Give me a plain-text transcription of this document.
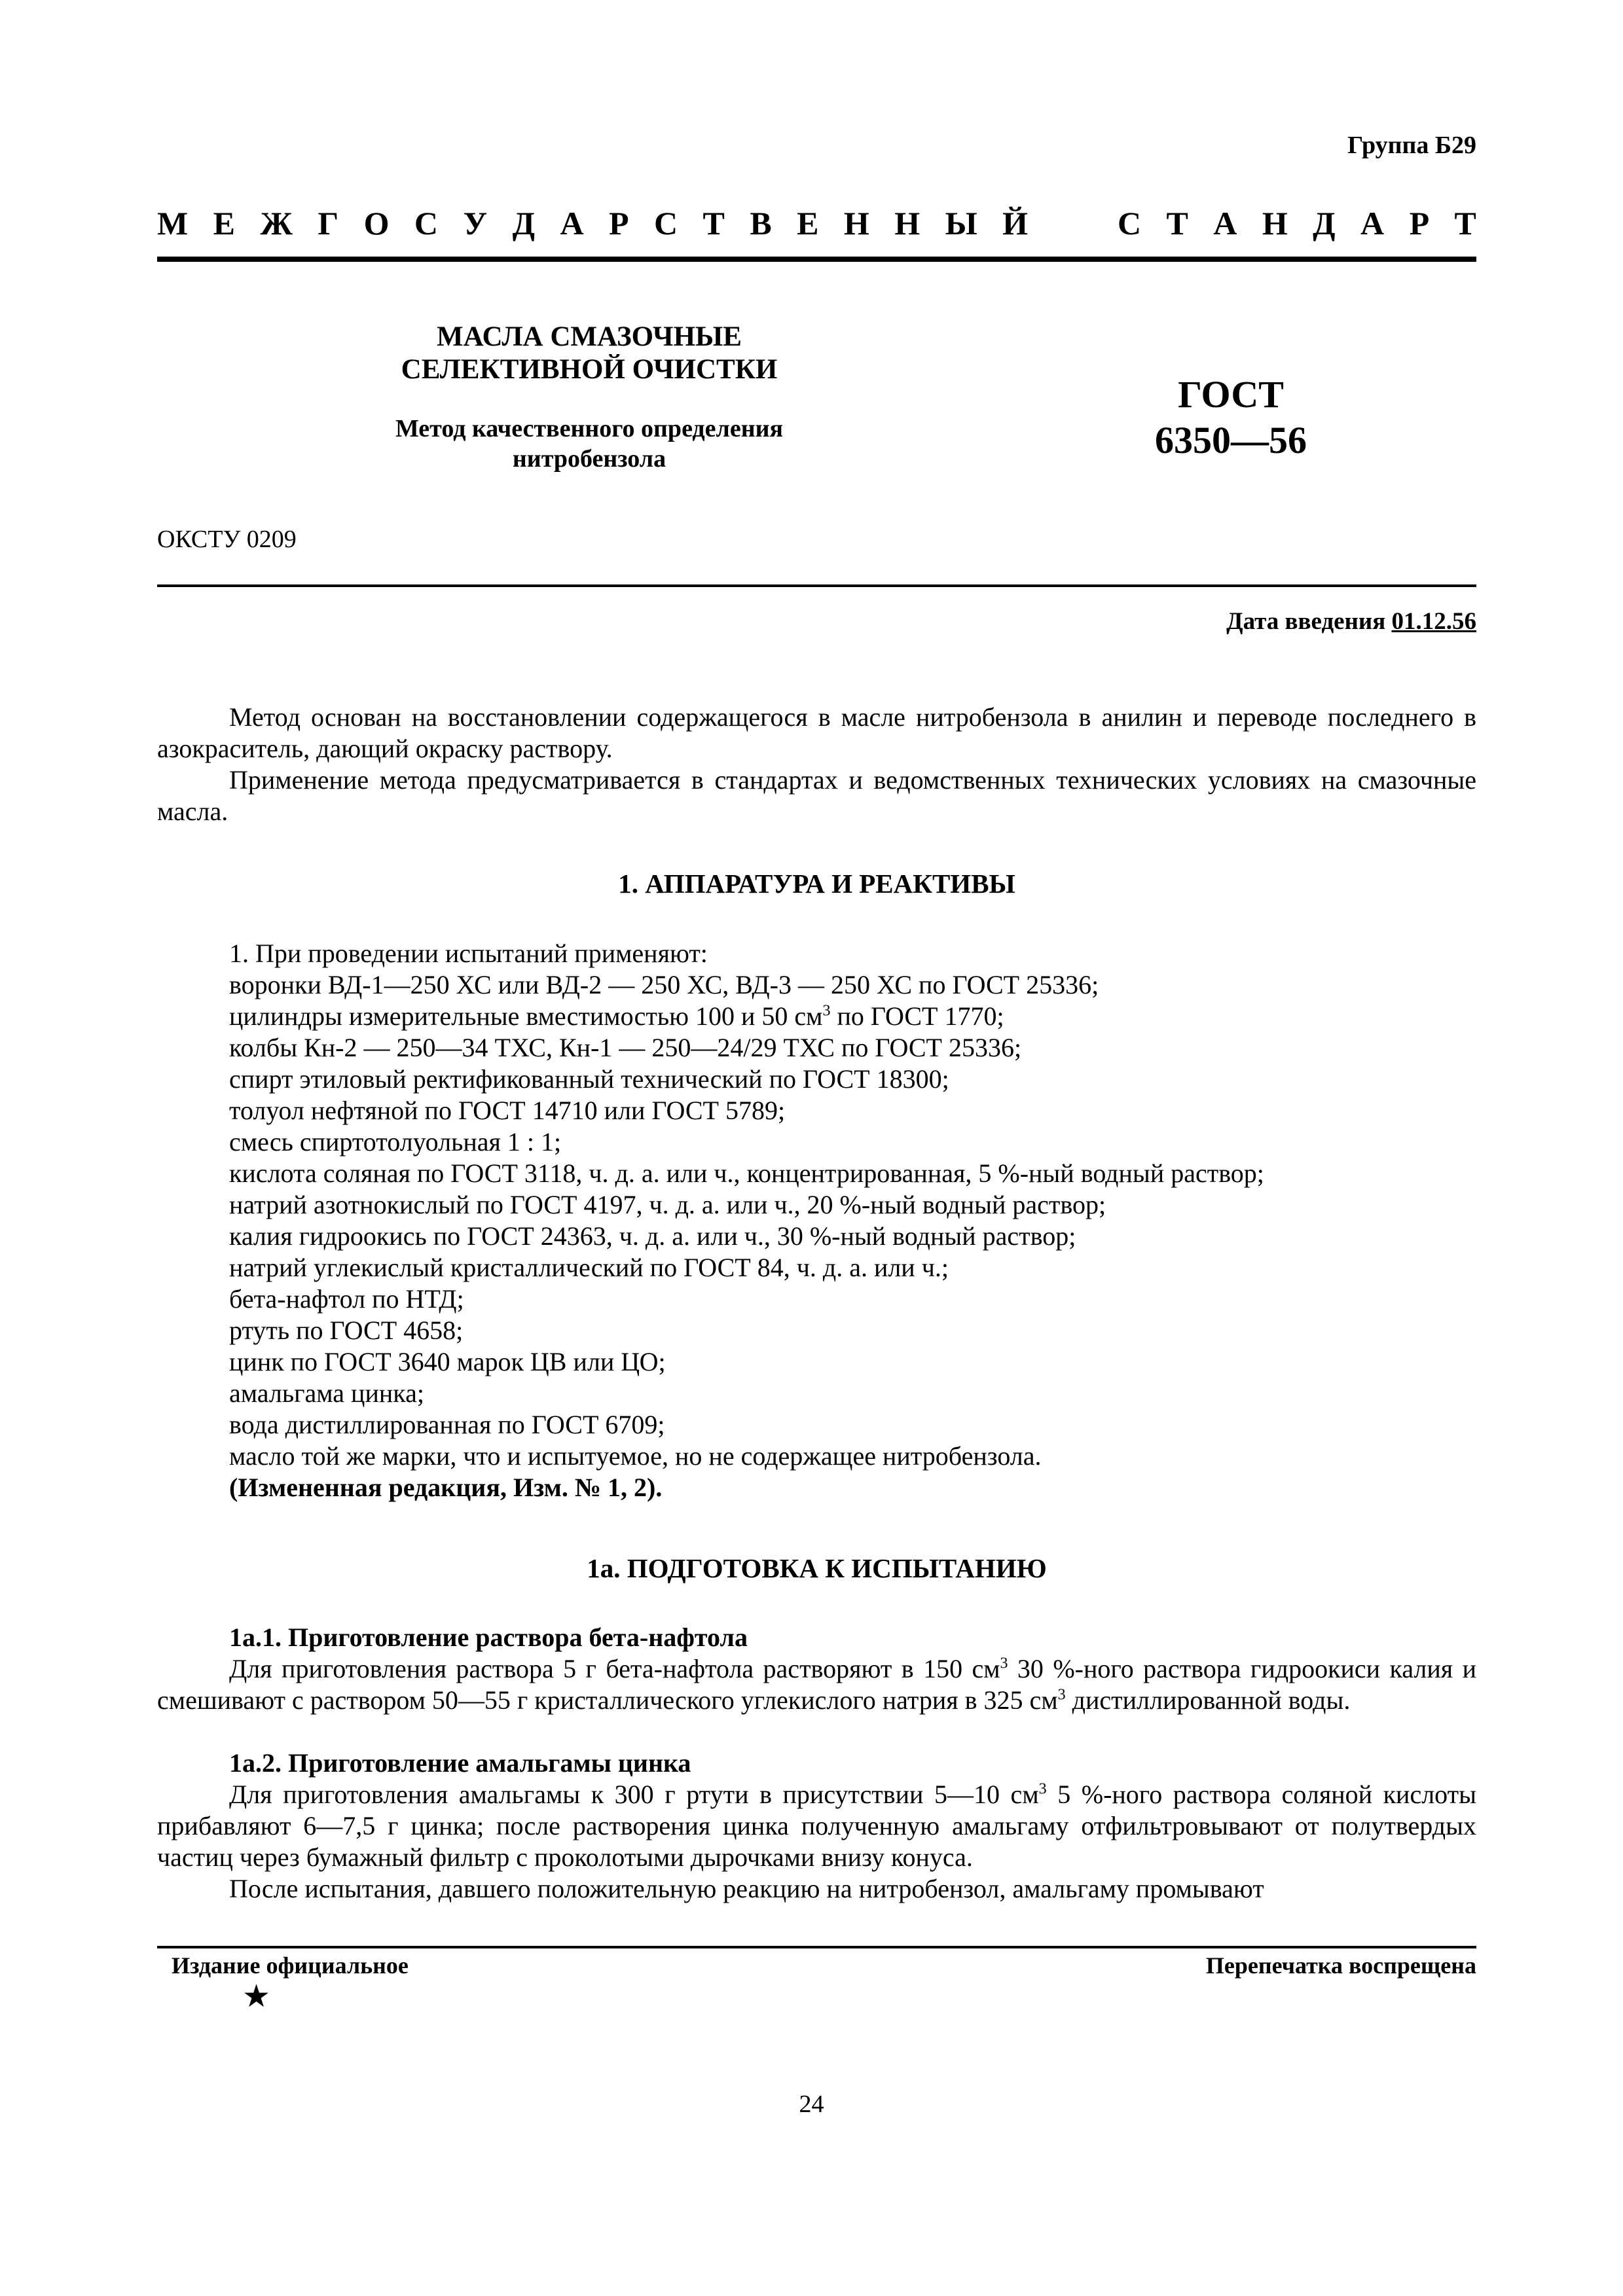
Группа Б29
М Е Ж Г О С У Д А Р С Т В Е Н Н Ы Й	С Т А Н Д А Р Т
МАСЛА СМАЗОЧНЫЕ
СЕЛЕКТИВНОЙ ОЧИСТКИ
Метод качественного определения
нитробензола
ГОСТ
6350—56
ОКСТУ 0209
Дата введения 01.12.56
Метод основан на восстановлении содержащегося в масле нитробензола в анилин и переводе последнего в азокраситель, дающий окраску раствору.
Применение метода предусматривается в стандартах и ведомственных технических условиях на смазочные масла.
1. АППАРАТУРА И РЕАКТИВЫ
1. При проведении испытаний применяют:
воронки ВД-1—250 ХС или ВД-2 — 250 ХС, ВД-3 — 250 ХС по ГОСТ 25336;
цилиндры измерительные вместимостью 100 и 50 $см^3$ по ГОСТ 1770;
колбы Кн-2 — 250—34 ТХС, Кн-1 — 250—24/29 ТХС по ГОСТ 25336;
спирт этиловый ректификованный технический по ГОСТ 18300;
толуол нефтяной по ГОСТ 14710 или ГОСТ 5789;
смесь спиртотолуольная 1 : 1;
кислота соляная по ГОСТ 3118, ч. д. а. или ч., концентрированная, 5 %-ный водный раствор;
натрий азотнокислый по ГОСТ 4197, ч. д. а. или ч., 20 %-ный водный раствор;
калия гидроокись по ГОСТ 24363, ч. д. а. или ч., 30 %-ный водный раствор;
натрий углекислый кристаллический по ГОСТ 84, ч. д. а. или ч.;
бета-нафтол по НТД;
ртуть по ГОСТ 4658;
цинк по ГОСТ 3640 марок ЦВ или ЦО;
амальгама цинка;
вода дистиллированная по ГОСТ 6709;
масло той же марки, что и испытуемое, но не содержащее нитробензола.
(Измененная редакция, Изм. № 1, 2).
1а. ПОДГОТОВКА К ИСПЫТАНИЮ
1а.1. Приготовление раствора бета-нафтола
Для приготовления раствора 5 г бета-нафтола растворяют в 150 $см^3$ 30 %-ного раствора гидроокиси калия и смешивают с раствором 50—55 г кристаллического углекислого натрия в 325 $см^3$ дистиллированной воды.
1а.2. Приготовление амальгамы цинка
Для приготовления амальгамы к 300 г ртути в присутствии 5—10 $см^3$ 5 %-ного раствора соляной кислоты прибавляют 6—7,5 г цинка; после растворения цинка полученную амальгаму отфильтровывают от полутвердых частиц через бумажный фильтр с проколотыми дырочками внизу конуса.
После испытания, давшего положительную реакцию на нитробензол, амальгаму промывают
Издание официальное	Перепечатка воспрещена
★
24
